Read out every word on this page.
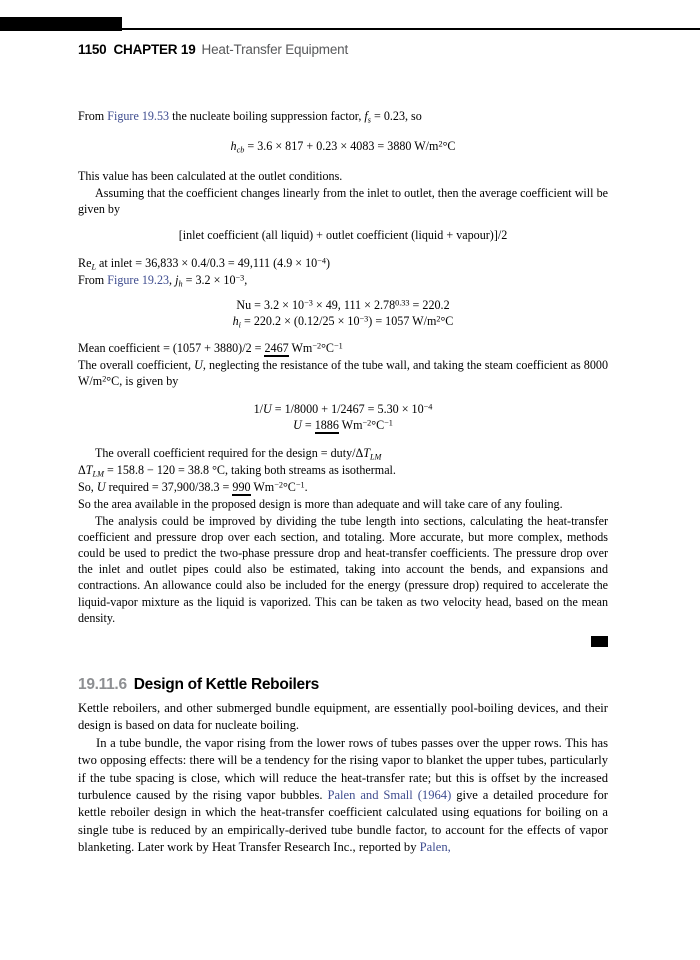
1150 CHAPTER 19 Heat-Transfer Equipment

From Figure 19.53 the nucleate boiling suppression factor, $f_s = 0.23$, so

$h_{cb} = 3.6 \times 817 + 0.23 \times 4083 = 3880$ $W/m^2^\circ C$

This value has been calculated at the outlet conditions.

Assuming that the coefficient changes linearly from the inlet to outlet, then the average coefficient will be given by

[inlet coefficient (all liquid) + outlet coefficient (liquid + vapour)]/2

$Re_L$ at inlet = 36,833 × 0.4/0.3 = 49,111 $(4.9 \times 10^{-4})$

From Figure 19.23, $j_h = 3.2 \times 10^{-3}$,

$Nu = 3.2 \times 10^{-3} \times 49$, $111 \times 2.78^{0.33} = 220.2$

$h_i = 220.2 \times (0.12/25 \times 10^{-3}) = 1057$ $W/m^2^\circ C$

Mean coefficient = (1057 + 3880)/2 = 2467 $Wm^{-2}^\circ C^{-1}$

The overall coefficient, U, neglecting the resistance of the tube wall, and taking the steam coefficient as 8000 $W/m^2^\circ C$, is given by

$1/U = 1/8000 + 1/2467 = 5.30 \times 10^{-4}$

U = 1886 $Wm^{-2}^\circ C^{-1}$

The overall coefficient required for the design = duty/$\Delta T_{LM}$

$\Delta T_{LM} = 158.8 - 120 = 38.8$ °C, taking both streams as isothermal.

So, U required = 37,900/38.3 = 990 $Wm^{-2}^\circ C^{-1}$.

So the area available in the proposed design is more than adequate and will take care of any fouling.

The analysis could be improved by dividing the tube length into sections, calculating the heat-transfer coefficient and pressure drop over each section, and totaling. More accurate, but more complex, methods could be used to predict the two-phase pressure drop and heat-transfer coefficients. The pressure drop over the inlet and outlet pipes could also be estimated, taking into account the bends, and expansions and contractions. An allowance could also be included for the energy (pressure drop) required to accelerate the liquid-vapor mixture as the liquid is vaporized. This can be taken as two velocity head, based on the mean density.

19.11.6 Design of Kettle Reboilers

Kettle reboilers, and other submerged bundle equipment, are essentially pool-boiling devices, and their design is based on data for nucleate boiling.

In a tube bundle, the vapor rising from the lower rows of tubes passes over the upper rows. This has two opposing effects: there will be a tendency for the rising vapor to blanket the upper tubes, particularly if the tube spacing is close, which will reduce the heat-transfer rate; but this is offset by the increased turbulence caused by the rising vapor bubbles. Palen and Small (1964) give a detailed procedure for kettle reboiler design in which the heat-transfer coefficient calculated using equations for boiling on a single tube is reduced by an empirically-derived tube bundle factor, to account for the effects of vapor blanketing. Later work by Heat Transfer Research Inc., reported by Palen,
